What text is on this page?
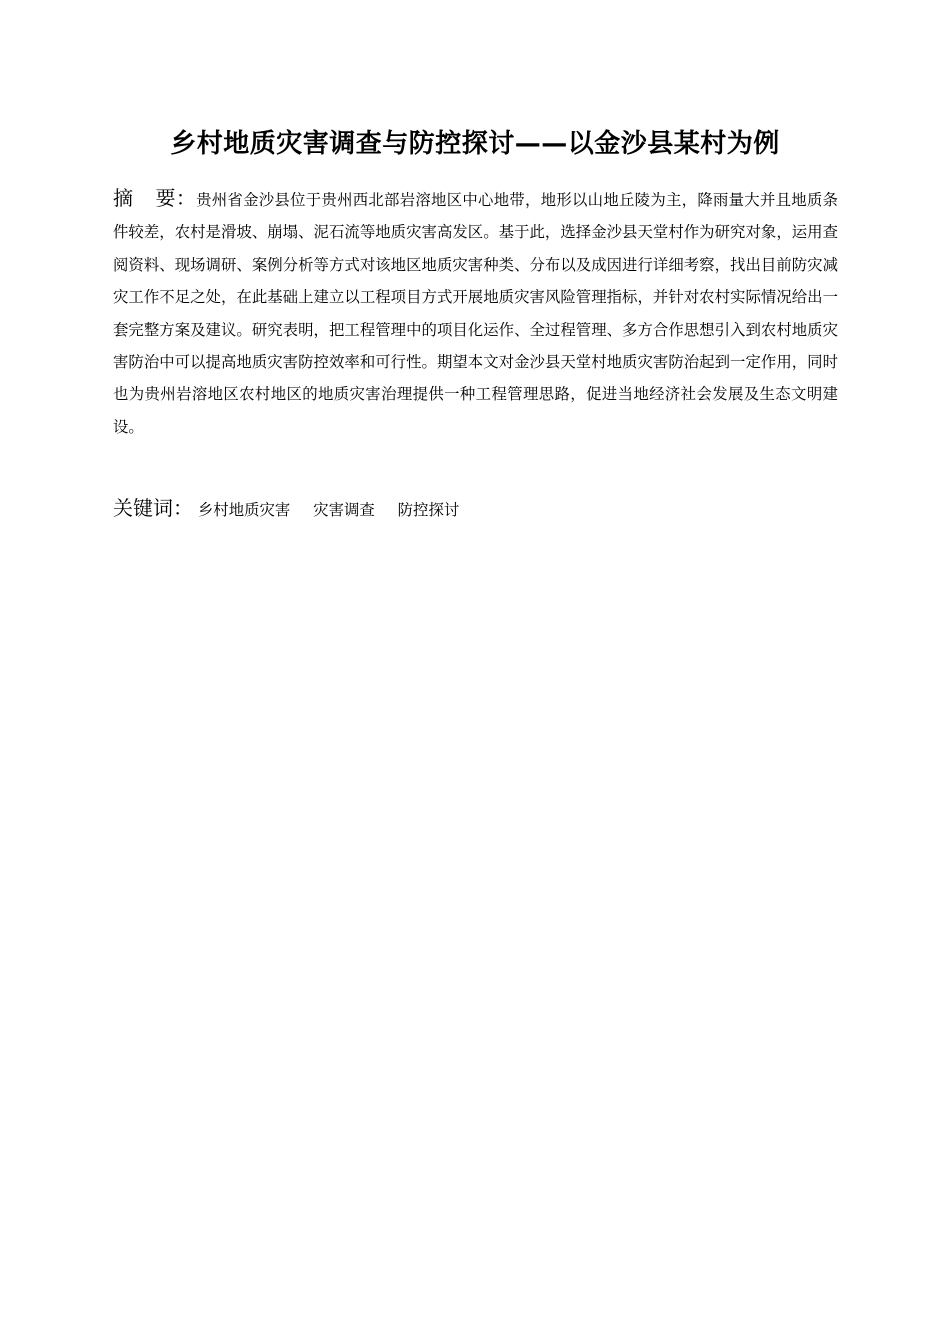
乡村地质灾害调查与防控探讨——以金沙县某村为例
摘 要：贵州省金沙县位于贵州西北部岩溶地区中心地带，地形以山地丘陵为主，降雨量大并且地质条件较差，农村是滑坡、崩塌、泥石流等地质灾害高发区。基于此，选择金沙县天堂村作为研究对象，运用查阅资料、现场调研、案例分析等方式对该地区地质灾害种类、分布以及成因进行详细考察，找出目前防灾减灾工作不足之处，在此基础上建立以工程项目方式开展地质灾害风险管理指标，并针对农村实际情况给出一套完整方案及建议。研究表明，把工程管理中的项目化运作、全过程管理、多方合作思想引入到农村地质灾害防治中可以提高地质灾害防控效率和可行性。期望本文对金沙县天堂村地质灾害防治起到一定作用，同时也为贵州岩溶地区农村地区的地质灾害治理提供一种工程管理思路，促进当地经济社会发展及生态文明建设。
关键词： 乡村地质灾害 灾害调查 防控探讨
